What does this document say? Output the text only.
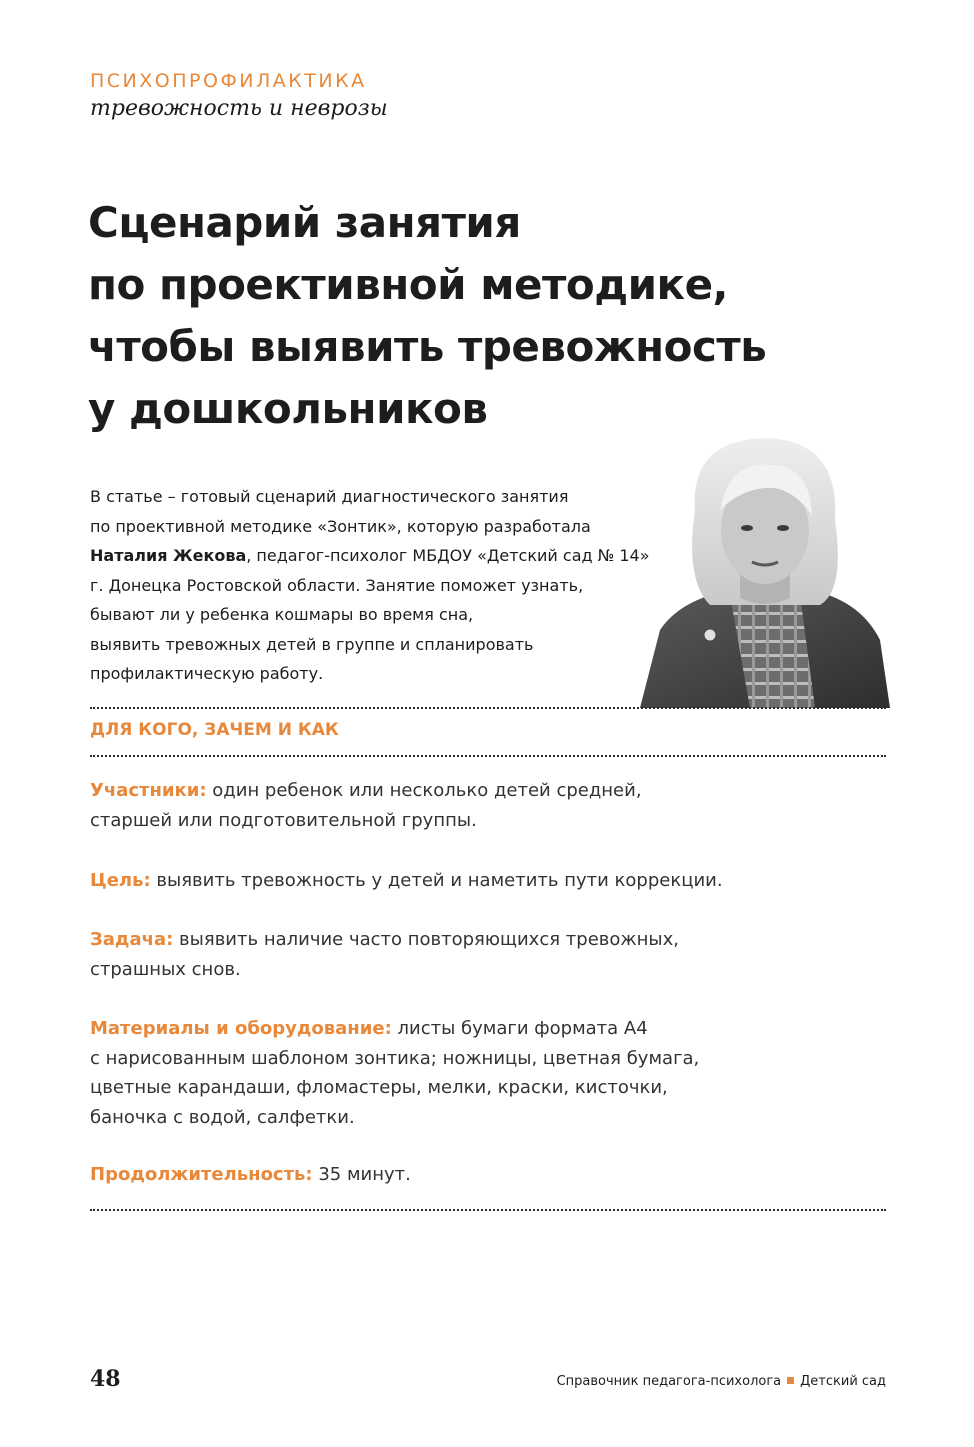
ПСИХОПРОФИЛАКТИКА
тревожность и неврозы
Сценарий занятия
по проективной методике,
чтобы выявить тревожность
у дошкольников
В статье – готовый сценарий диагностического занятия
по проективной методике «Зонтик», которую разработала
Наталия Жекова, педагог-психолог МБДОУ «Детский сад № 14»
г. Донецка Ростовской области. Занятие поможет узнать,
бывают ли у ребенка кошмары во время сна,
выявить тревожных детей в группе и спланировать
профилактическую работу.
ДЛЯ КОГО, ЗАЧЕМ И КАК
Участники: один ребенок или несколько детей средней,
старшей или подготовительной группы.
Цель: выявить тревожность у детей и наметить пути коррекции.
Задача: выявить наличие часто повторяющихся тревожных,
страшных снов.
Материалы и оборудование: листы бумаги формата А4
с нарисованным шаблоном зонтика; ножницы, цветная бумага,
цветные карандаши, фломастеры, мелки, краски, кисточки,
баночка с водой, салфетки.
Продолжительность: 35 минут.
48	Справочник педагога-психолога Детский сад
